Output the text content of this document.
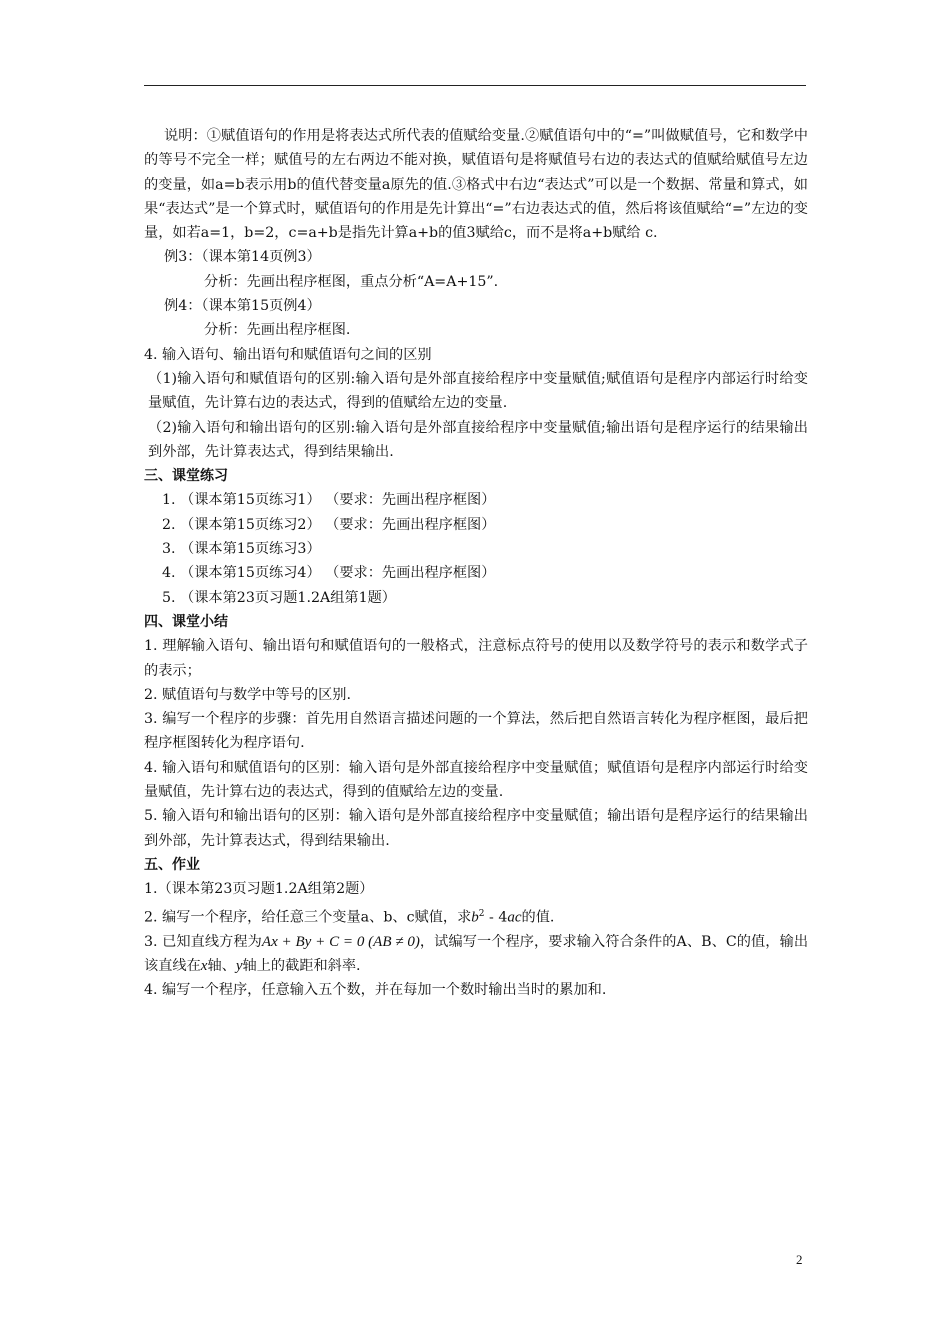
说明：①赋值语句的作用是将表达式所代表的值赋给变量.②赋值语句中的“=”叫做赋值号，它和数学中的等号不完全一样；赋值号的左右两边不能对换，赋值语句是将赋值号右边的表达式的值赋给赋值号左边的变量，如a=b表示用b的值代替变量a原先的值.③格式中右边“表达式”可以是一个数据、常量和算式，如果“表达式”是一个算式时，赋值语句的作用是先计算出“=”右边表达式的值，然后将该值赋给“=”左边的变量，如若a=1，b=2，c=a+b是指先计算a+b的值3赋给c，而不是将a+b赋给 c.

例3：（课本第14页例3）

分析：先画出程序框图，重点分析“A=A+15”.

例4：（课本第15页例4）

分析：先画出程序框图.

4. 输入语句、输出语句和赋值语句之间的区别

（1)输入语句和赋值语句的区别:输入语句是外部直接给程序中变量赋值;赋值语句是程序内部运行时给变量赋值，先计算右边的表达式，得到的值赋给左边的变量.

（2)输入语句和输出语句的区别:输入语句是外部直接给程序中变量赋值;输出语句是程序运行的结果输出到外部，先计算表达式，得到结果输出.

三、课堂练习

1. （课本第15页练习1） （要求：先画出程序框图）

2. （课本第15页练习2） （要求：先画出程序框图）

3. （课本第15页练习3）

4. （课本第15页练习4） （要求：先画出程序框图）

5. （课本第23页习题1.2A组第1题）

四、课堂小结

1. 理解输入语句、输出语句和赋值语句的一般格式，注意标点符号的使用以及数学符号的表示和数学式子的表示；

2. 赋值语句与数学中等号的区别.

3. 编写一个程序的步骤：首先用自然语言描述问题的一个算法，然后把自然语言转化为程序框图，最后把程序框图转化为程序语句.

4. 输入语句和赋值语句的区别：输入语句是外部直接给程序中变量赋值；赋值语句是程序内部运行时给变量赋值，先计算右边的表达式，得到的值赋给左边的变量.

5. 输入语句和输出语句的区别：输入语句是外部直接给程序中变量赋值；输出语句是程序运行的结果输出到外部，先计算表达式，得到结果输出.

五、作业

1.（课本第23页习题1.2A组第2题）

2. 编写一个程序，给任意三个变量a、b、c赋值，求$b^2 - 4ac$的值.

3. 已知直线方程为Ax + By + C = 0 (AB ≠ 0)，试编写一个程序，要求输入符合条件的A、B、C的值，输出该直线在x轴、y轴上的截距和斜率.

4. 编写一个程序，任意输入五个数，并在每加一个数时输出当时的累加和.

2
